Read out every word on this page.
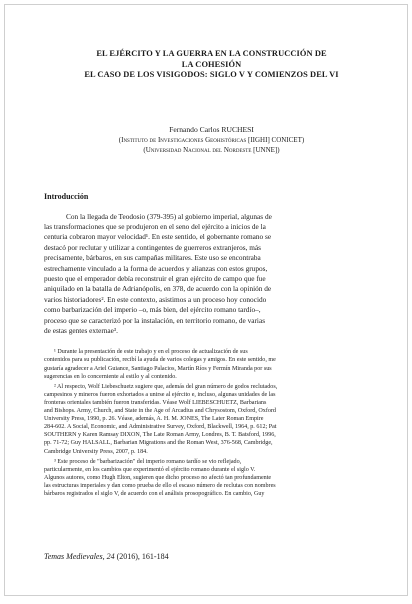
EL EJÉRCITO Y LA GUERRA EN LA CONSTRUCCIÓN DE
LA COHESIÓN
EL CASO DE LOS VISIGODOS: SIGLO V Y COMIENZOS DEL VI
Fernando Carlos RUCHESI
(Instituto de Investigaciones Geohistóricas [IIGHI] CONICET)
(Universidad Nacional del Nordeste [UNNE])
Introducción
Con la llegada de Teodosio (379-395) al gobierno imperial, algunas de
las transformaciones que se produjeron en el seno del ejército a inicios de la
centuria cobraron mayor velocidad¹. En este sentido, el gobernante romano se
destacó por reclutar y utilizar a contingentes de guerreros extranjeros, más
precisamente, bárbaros, en sus campañas militares. Este uso se encontraba
estrechamente vinculado a la forma de acuerdos y alianzas con estos grupos,
puesto que el emperador debía reconstruir el gran ejército de campo que fue
aniquilado en la batalla de Adrianópolis, en 378, de acuerdo con la opinión de
varios historiadores². En este contexto, asistimos a un proceso hoy conocido
como barbarización del imperio –o, más bien, del ejército romano tardío–,
proceso que se caracterizó por la instalación, en territorio romano, de varias
de estas gentes externae³.
¹ Durante la presentación de este trabajo y en el proceso de actualización de sus
contenidos para su publicación, recibí la ayuda de varios colegas y amigos. En este sentido, me
gustaría agradecer a Ariel Guiance, Santiago Palacios, Martín Ríos y Fermín Miranda por sus
sugerencias en lo concerniente al estilo y al contenido.
² Al respecto, Wolf Liebeschuetz sugiere que, además del gran número de godos reclutados,
campesinos y mineros fueron exhortados a unirse al ejército e, incluso, algunas unidades de las
fronteras orientales también fueron transferidas. Véase Wolf LIEBESCHUETZ, Barbarians
and Bishops. Army, Church, and State in the Age of Arcadius and Chrysostom, Oxford, Oxford
University Press, 1990, p. 26. Véase, además, A. H. M. JONES, The Later Roman Empire
284-602. A Social, Economic, and Administrative Survey, Oxford, Blackwell, 1964, p. 612; Pat
SOUTHERN y Karen Ramsay DIXON, The Late Roman Army, Londres, B. T. Batsford, 1996,
pp. 71-72; Guy HALSALL, Barbarian Migrations and the Roman West, 376-568, Cambridge,
Cambridge University Press, 2007, p. 184.
³ Este proceso de "barbarización" del imperio romano tardío se vio reflejado,
particularmente, en los cambios que experimentó el ejército romano durante el siglo V.
Algunos autores, como Hugh Elton, sugieren que dicho proceso no afectó tan profundamente
las estructuras imperiales y dan como prueba de ello el escaso número de reclutas con nombres
bárbaros registrados el siglo V, de acuerdo con el análisis prosopográfico. En cambio, Guy
Temas Medievales, 24 (2016), 161-184
